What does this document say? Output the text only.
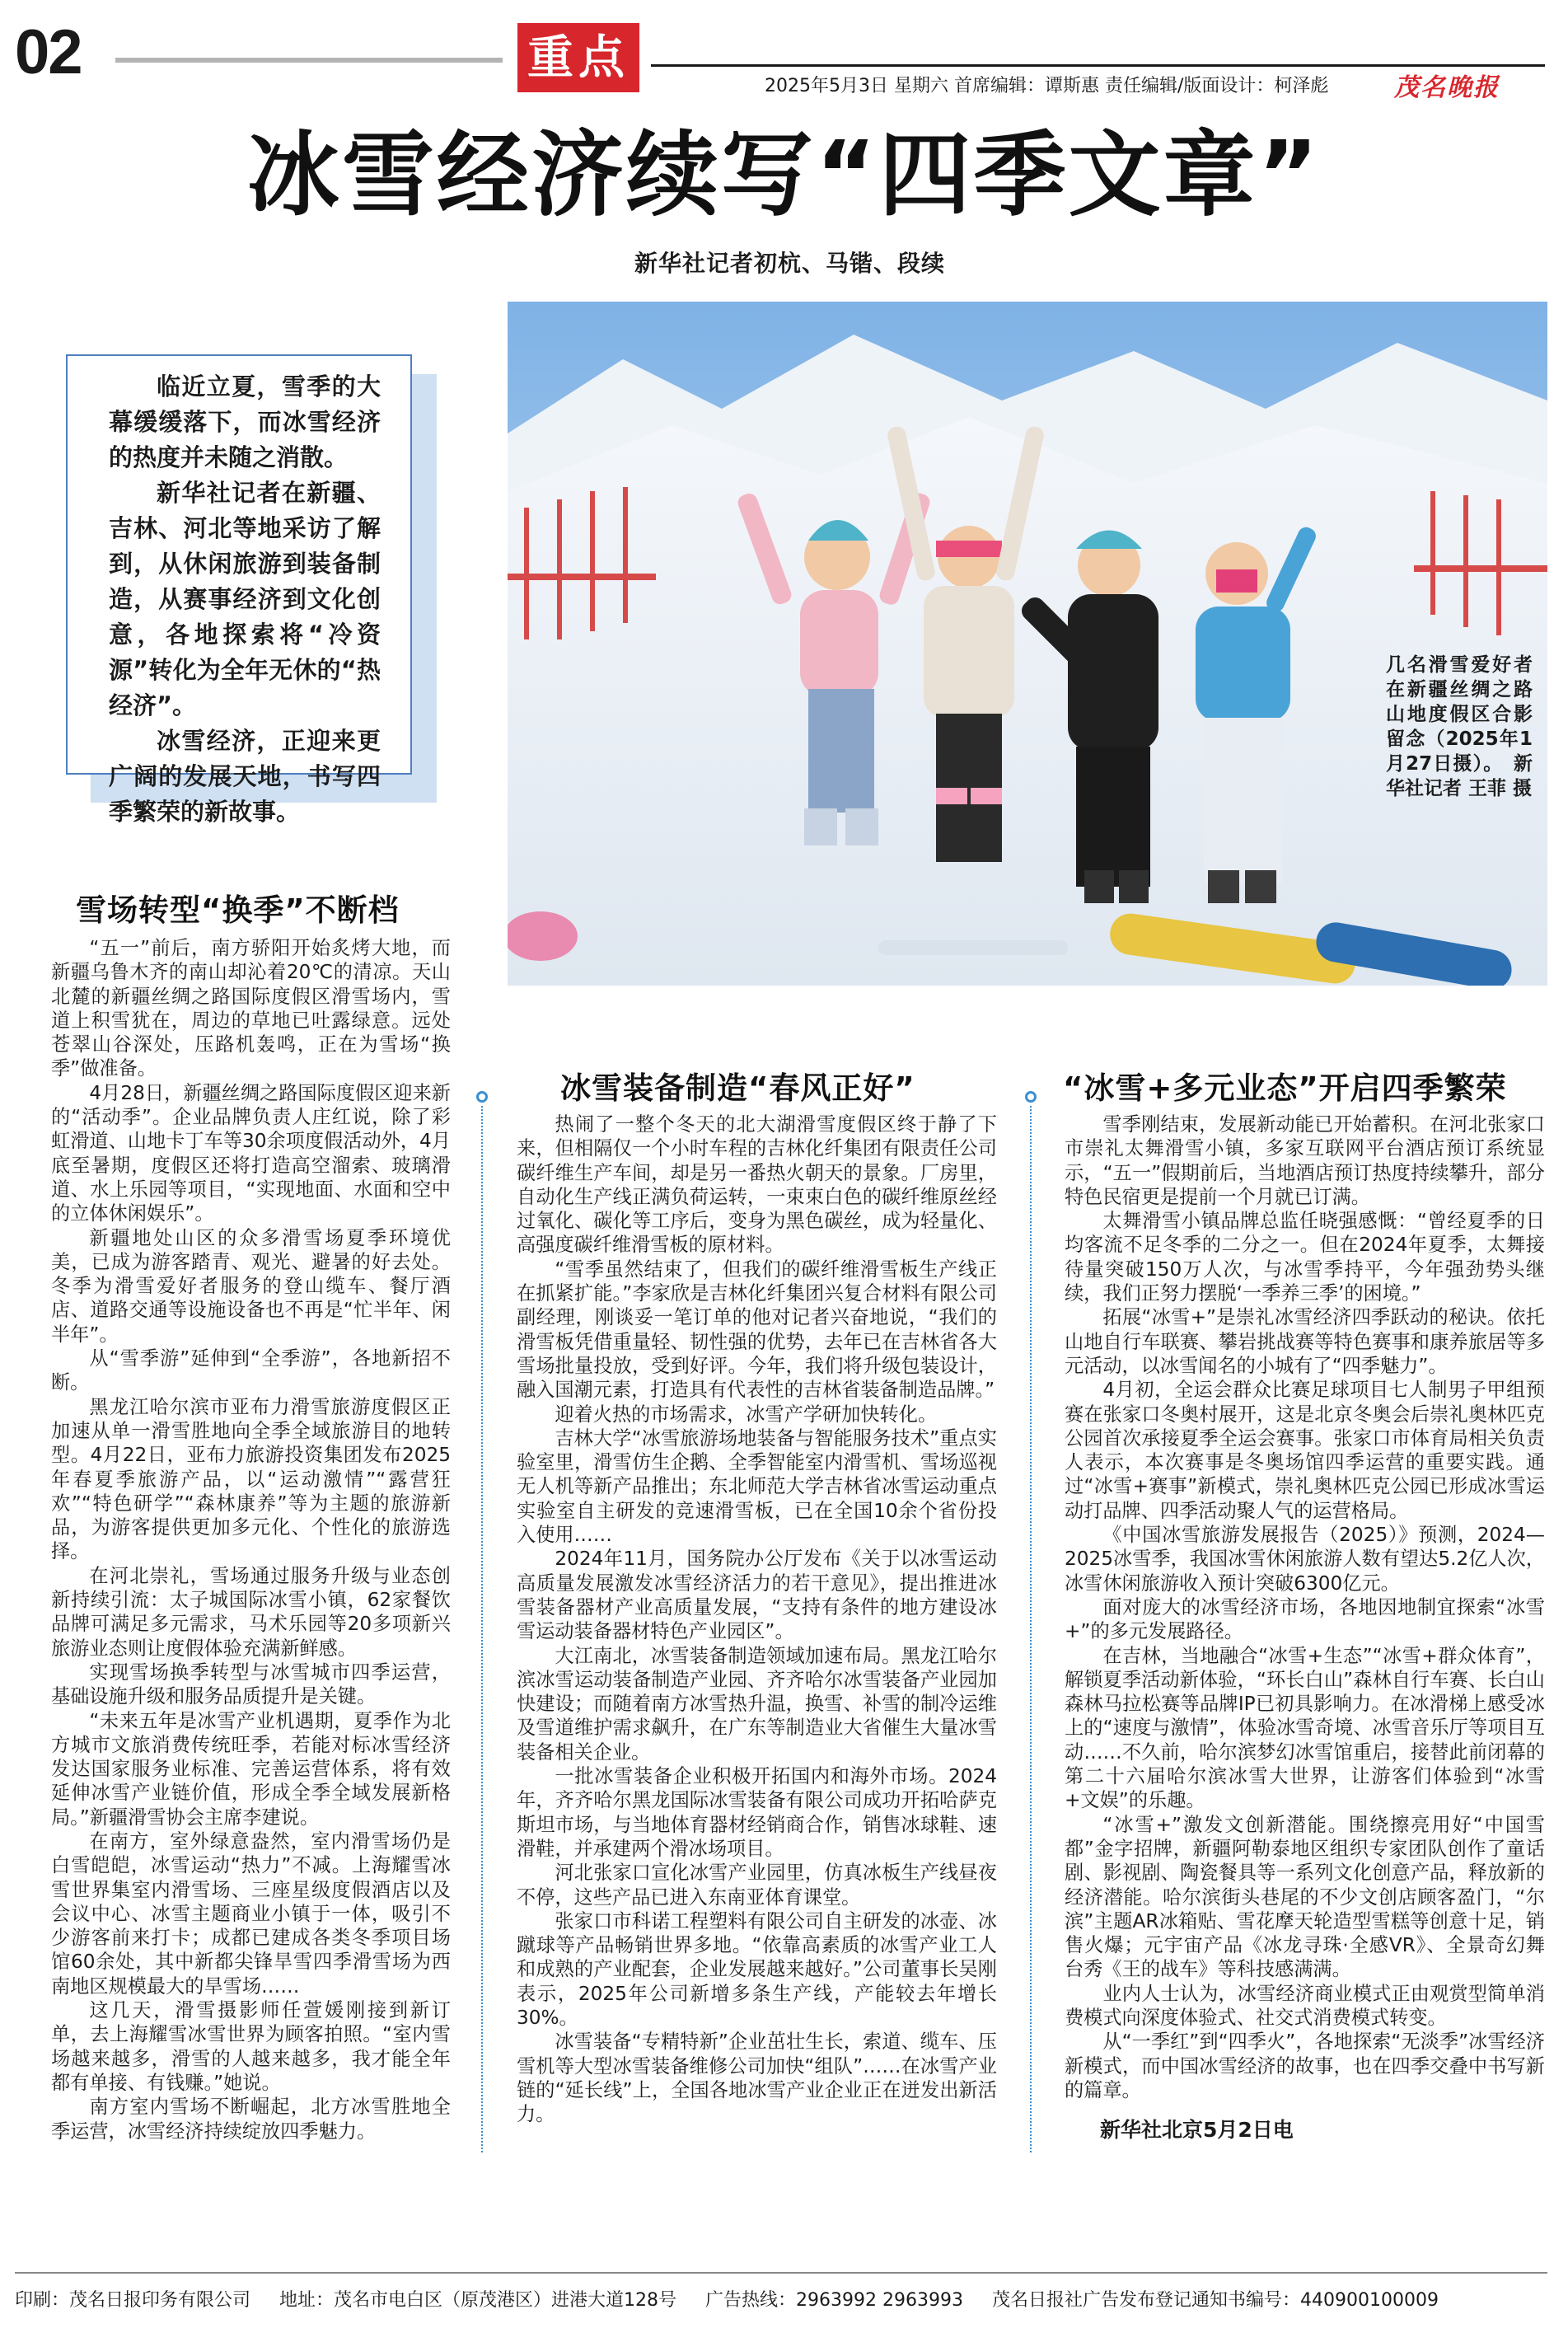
02	重点
2025年5月3日 星期六 首席编辑：谭斯惠 责任编辑/版面设计：柯泽彪	茂名晚报
冰雪经济续写“四季文章”
新华社记者初杭、马锴、段续

临近立夏，雪季的大幕缓缓落下，而冰雪经济的热度并未随之消散。

新华社记者在新疆、吉林、河北等地采访了解到，从休闲旅游到装备制造，从赛事经济到文化创意，各地探索将“冷资源”转化为全年无休的“热经济”。

冰雪经济，正迎来更广阔的发展天地，书写四季繁荣的新故事。

几名滑雪爱好者在新疆丝绸之路山地度假区合影留念（2025年1月27日摄）。　新华社记者 王菲 摄
雪场转型“换季”不断档
冰雪装备制造“春风正好”	“冰雪+多元业态”开启四季繁荣

“五一”前后，南方骄阳开始炙烤大地，而新疆乌鲁木齐的南山却沁着20℃的清凉。天山北麓的新疆丝绸之路国际度假区滑雪场内，雪道上积雪犹在，周边的草地已吐露绿意。远处苍翠山谷深处，压路机轰鸣，正在为雪场“换季”做准备。

4月28日，新疆丝绸之路国际度假区迎来新的“活动季”。企业品牌负责人庄红说，除了彩虹滑道、山地卡丁车等30余项度假活动外，4月底至暑期，度假区还将打造高空溜索、玻璃滑道、水上乐园等项目，“实现地面、水面和空中的立体休闲娱乐”。

新疆地处山区的众多滑雪场夏季环境优美，已成为游客踏青、观光、避暑的好去处。冬季为滑雪爱好者服务的登山缆车、餐厅酒店、道路交通等设施设备也不再是“忙半年、闲半年”。

从“雪季游”延伸到“全季游”，各地新招不断。

黑龙江哈尔滨市亚布力滑雪旅游度假区正加速从单一滑雪胜地向全季全域旅游目的地转型。4月22日，亚布力旅游投资集团发布2025年春夏季旅游产品，以“运动激情”“露营狂欢”“特色研学”“森林康养”等为主题的旅游新品，为游客提供更加多元化、个性化的旅游选择。

在河北崇礼，雪场通过服务升级与业态创新持续引流：太子城国际冰雪小镇，62家餐饮品牌可满足多元需求，马术乐园等20多项新兴旅游业态则让度假体验充满新鲜感。

实现雪场换季转型与冰雪城市四季运营，基础设施升级和服务品质提升是关键。

“未来五年是冰雪产业机遇期，夏季作为北方城市文旅消费传统旺季，若能对标冰雪经济发达国家服务业标准、完善运营体系，将有效延伸冰雪产业链价值，形成全季全域发展新格局。”新疆滑雪协会主席李建说。

在南方，室外绿意盎然，室内滑雪场仍是白雪皑皑，冰雪运动“热力”不减。上海耀雪冰雪世界集室内滑雪场、三座星级度假酒店以及会议中心、冰雪主题商业小镇于一体，吸引不少游客前来打卡；成都已建成各类冬季项目场馆60余处，其中新都尖锋旱雪四季滑雪场为西南地区规模最大的旱雪场……

这几天，滑雪摄影师任萱媛刚接到新订单，去上海耀雪冰雪世界为顾客拍照。“室内雪场越来越多，滑雪的人越来越多，我才能全年都有单接、有钱赚。”她说。

南方室内雪场不断崛起，北方冰雪胜地全季运营，冰雪经济持续绽放四季魅力。

热闹了一整个冬天的北大湖滑雪度假区终于静了下来，但相隔仅一个小时车程的吉林化纤集团有限责任公司碳纤维生产车间，却是另一番热火朝天的景象。厂房里，自动化生产线正满负荷运转，一束束白色的碳纤维原丝经过氧化、碳化等工序后，变身为黑色碳丝，成为轻量化、高强度碳纤维滑雪板的原材料。

“雪季虽然结束了，但我们的碳纤维滑雪板生产线正在抓紧扩能。”李家欣是吉林化纤集团兴复合材料有限公司副经理，刚谈妥一笔订单的他对记者兴奋地说，“我们的滑雪板凭借重量轻、韧性强的优势，去年已在吉林省各大雪场批量投放，受到好评。今年，我们将升级包装设计，融入国潮元素，打造具有代表性的吉林省装备制造品牌。”

迎着火热的市场需求，冰雪产学研加快转化。

吉林大学“冰雪旅游场地装备与智能服务技术”重点实验室里，滑雪仿生企鹅、全季智能室内滑雪机、雪场巡视无人机等新产品推出；东北师范大学吉林省冰雪运动重点实验室自主研发的竞速滑雪板，已在全国10余个省份投入使用……

2024年11月，国务院办公厅发布《关于以冰雪运动高质量发展激发冰雪经济活力的若干意见》，提出推进冰雪装备器材产业高质量发展，“支持有条件的地方建设冰雪运动装备器材特色产业园区”。

大江南北，冰雪装备制造领域加速布局。黑龙江哈尔滨冰雪运动装备制造产业园、齐齐哈尔冰雪装备产业园加快建设；而随着南方冰雪热升温，换雪、补雪的制冷运维及雪道维护需求飙升，在广东等制造业大省催生大量冰雪装备相关企业。

一批冰雪装备企业积极开拓国内和海外市场。2024年，齐齐哈尔黑龙国际冰雪装备有限公司成功开拓哈萨克斯坦市场，与当地体育器材经销商合作，销售冰球鞋、速滑鞋，并承建两个滑冰场项目。

河北张家口宣化冰雪产业园里，仿真冰板生产线昼夜不停，这些产品已进入东南亚体育课堂。

张家口市科诺工程塑料有限公司自主研发的冰壶、冰蹴球等产品畅销世界多地。“依靠高素质的冰雪产业工人和成熟的产业配套，企业发展越来越好。”公司董事长吴刚表示，2025年公司新增多条生产线，产能较去年增长30%。

冰雪装备“专精特新”企业茁壮生长，索道、缆车、压雪机等大型冰雪装备维修公司加快“组队”……在冰雪产业链的“延长线”上，全国各地冰雪产业企业正在迸发出新活力。

雪季刚结束，发展新动能已开始蓄积。在河北张家口市崇礼太舞滑雪小镇，多家互联网平台酒店预订系统显示，“五一”假期前后，当地酒店预订热度持续攀升，部分特色民宿更是提前一个月就已订满。

太舞滑雪小镇品牌总监任晓强感慨：“曾经夏季的日均客流不足冬季的二分之一。但在2024年夏季，太舞接待量突破150万人次，与冰雪季持平，今年强劲势头继续，我们正努力摆脱‘一季养三季’的困境。”

拓展“冰雪+”是崇礼冰雪经济四季跃动的秘诀。依托山地自行车联赛、攀岩挑战赛等特色赛事和康养旅居等多元活动，以冰雪闻名的小城有了“四季魅力”。

4月初，全运会群众比赛足球项目七人制男子甲组预赛在张家口冬奥村展开，这是北京冬奥会后崇礼奥林匹克公园首次承接夏季全运会赛事。张家口市体育局相关负责人表示，本次赛事是冬奥场馆四季运营的重要实践。通过“冰雪+赛事”新模式，崇礼奥林匹克公园已形成冰雪运动打品牌、四季活动聚人气的运营格局。

《中国冰雪旅游发展报告（2025）》预测，2024—2025冰雪季，我国冰雪休闲旅游人数有望达5.2亿人次，冰雪休闲旅游收入预计突破6300亿元。

面对庞大的冰雪经济市场，各地因地制宜探索“冰雪+”的多元发展路径。

在吉林，当地融合“冰雪+生态”“冰雪+群众体育”，解锁夏季活动新体验，“环长白山”森林自行车赛、长白山森林马拉松赛等品牌IP已初具影响力。在冰滑梯上感受冰上的“速度与激情”，体验冰雪奇境、冰雪音乐厅等项目互动……不久前，哈尔滨梦幻冰雪馆重启，接替此前闭幕的第二十六届哈尔滨冰雪大世界，让游客们体验到“冰雪+文娱”的乐趣。

“冰雪+”激发文创新潜能。围绕擦亮用好“中国雪都”金字招牌，新疆阿勒泰地区组织专家团队创作了童话剧、影视剧、陶瓷餐具等一系列文化创意产品，释放新的经济潜能。哈尔滨街头巷尾的不少文创店顾客盈门，“尔滨”主题AR冰箱贴、雪花摩天轮造型雪糕等创意十足，销售火爆；元宇宙产品《冰龙寻珠·全感VR》、全景奇幻舞台秀《王的战车》等科技感满满。

业内人士认为，冰雪经济商业模式正由观赏型简单消费模式向深度体验式、社交式消费模式转变。

从“一季红”到“四季火”，各地探索“无淡季”冰雪经济新模式，而中国冰雪经济的故事，也在四季交叠中书写新的篇章。

新华社北京5月2日电
印刷：茂名日报印务有限公司 地址：茂名市电白区（原茂港区）进港大道128号 广告热线：2963992 2963993 茂名日报社广告发布登记通知书编号：440900100009
